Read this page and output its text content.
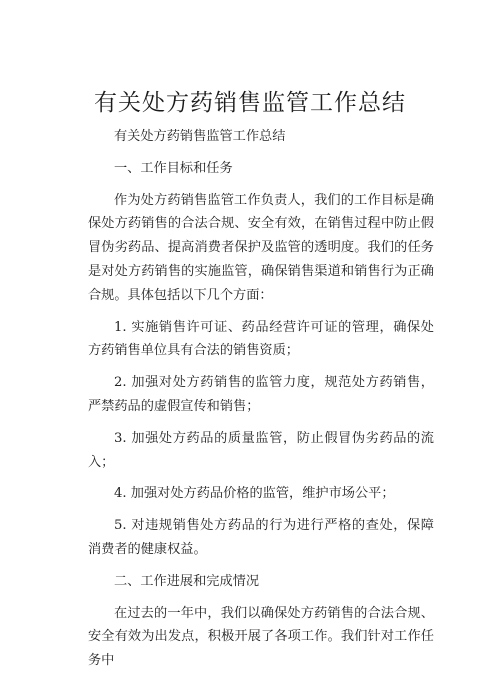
有关处方药销售监管工作总结

有关处方药销售监管工作总结

一、工作目标和任务

作为处方药销售监管工作负责人，我们的工作目标是确保处方药销售的合法合规、安全有效，在销售过程中防止假冒伪劣药品、提高消费者保护及监管的透明度。我们的任务是对处方药销售的实施监管，确保销售渠道和销售行为正确合规。具体包括以下几个方面：

1. 实施销售许可证、药品经营许可证的管理，确保处方药销售单位具有合法的销售资质；

2. 加强对处方药销售的监管力度，规范处方药销售，严禁药品的虚假宣传和销售；

3. 加强处方药品的质量监管，防止假冒伪劣药品的流入；

4. 加强对处方药品价格的监管，维护市场公平；

5. 对违规销售处方药品的行为进行严格的查处，保障消费者的健康权益。

二、工作进展和完成情况

在过去的一年中，我们以确保处方药销售的合法合规、安全有效为出发点，积极开展了各项工作。我们针对工作任务中
